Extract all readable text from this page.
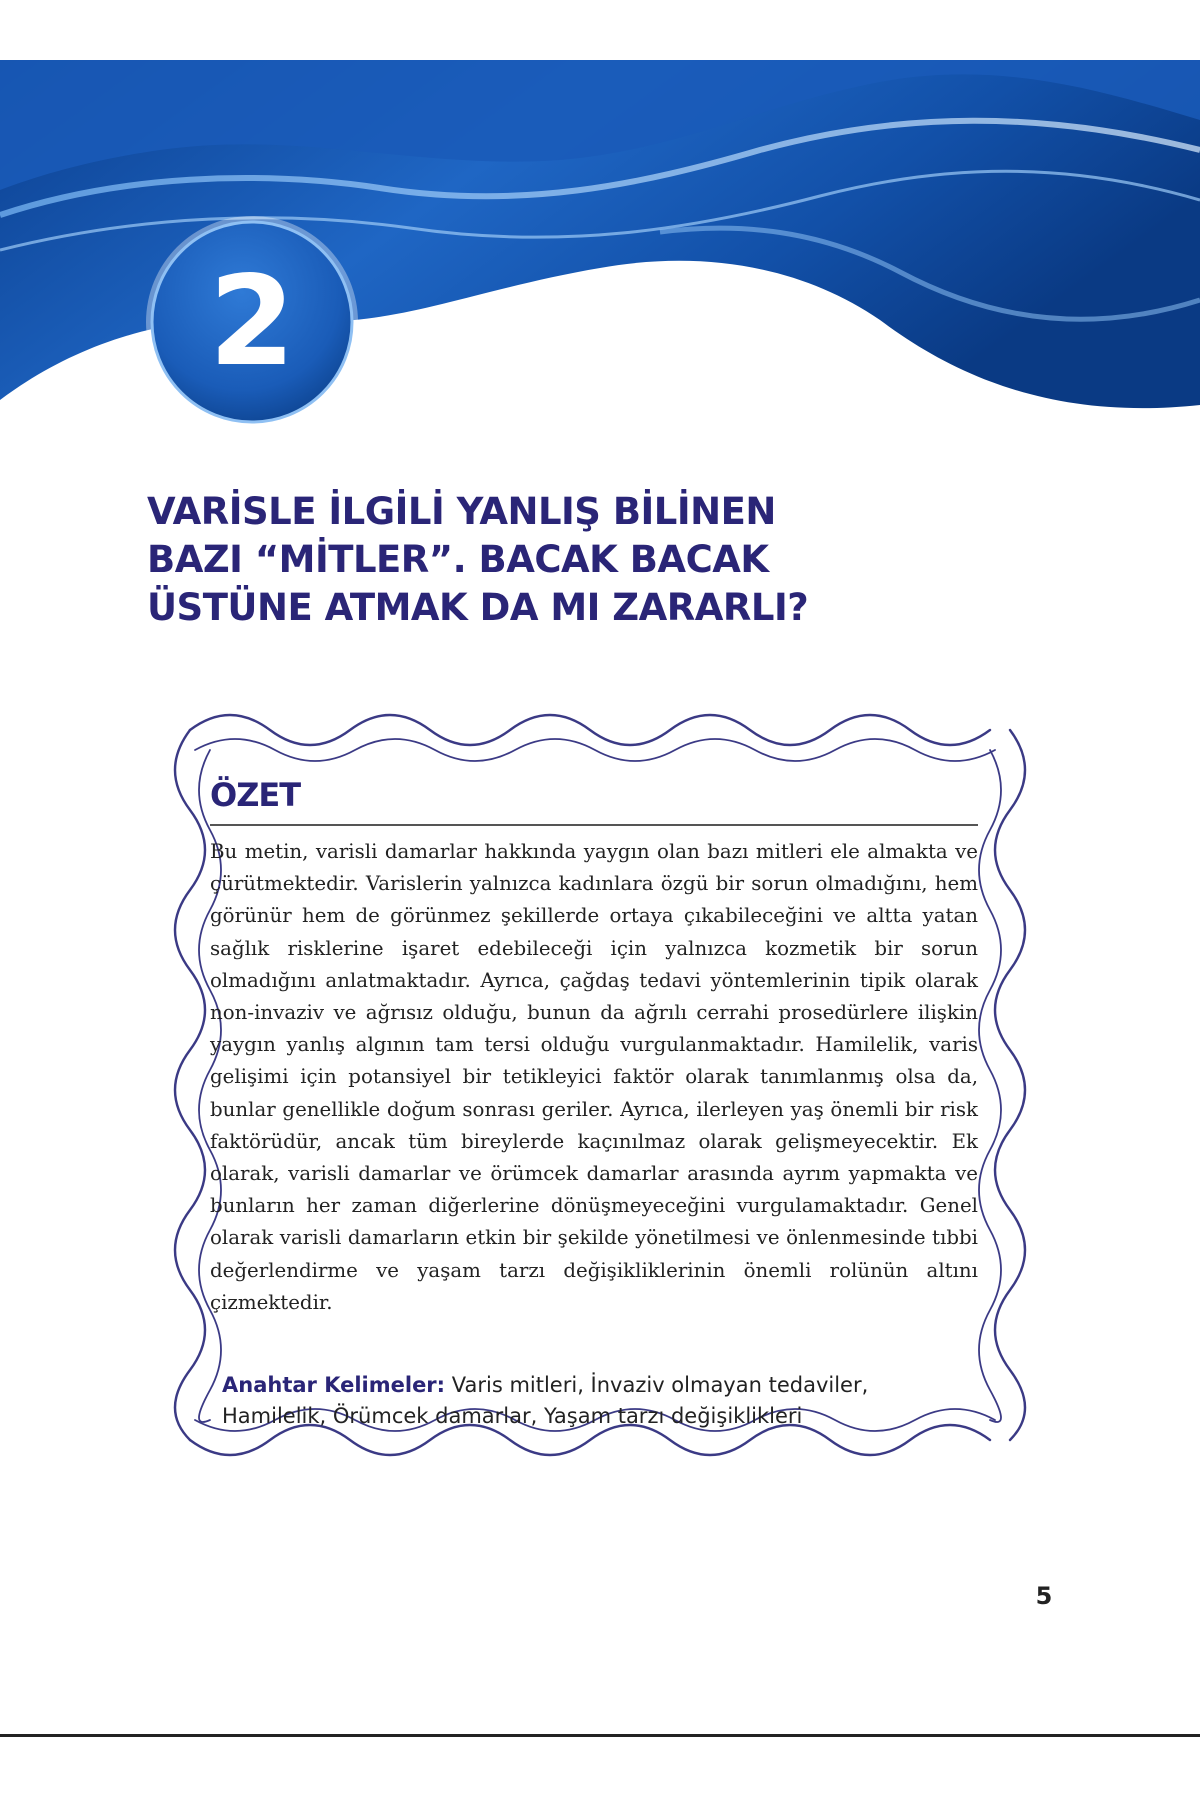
2
VARİSLE İLGİLİ YANLIŞ BİLİNEN
BAZI “MİTLER”. BACAK BACAK
ÜSTÜNE ATMAK DA MI ZARARLI?
ÖZET

Bu metin, varisli damarlar hakkında yaygın olan bazı mitleri ele almakta ve çürütmektedir. Varislerin yalnızca kadınlara özgü bir sorun olmadığını, hem görünür hem de görünmez şekillerde ortaya çıkabileceğini ve altta yatan sağlık risklerine işaret edebileceği için yalnızca kozmetik bir sorun olmadığını anlatmaktadır. Ayrıca, çağdaş tedavi yöntemlerinin tipik olarak non-invaziv ve ağrısız olduğu, bunun da ağrılı cerrahi prosedürlere ilişkin yaygın yanlış algının tam tersi olduğu vurgulanmaktadır. Hamilelik, varis gelişimi için potansiyel bir tetikleyici faktör olarak tanımlanmış olsa da, bunlar genellikle doğum sonrası geriler. Ayrıca, ilerleyen yaş önemli bir risk faktörüdür, ancak tüm bireylerde kaçınılmaz olarak gelişmeyecektir. Ek olarak, varisli damarlar ve örümcek damarlar arasında ayrım yapmakta ve bunların her zaman diğerlerine dönüşmeyeceğini vurgulamaktadır. Genel olarak varisli damarların etkin bir şekilde yönetilmesi ve önlenmesinde tıbbi değerlendirme ve yaşam tarzı değişikliklerinin önemli rolünün altını çizmektedir.

Anahtar Kelimeler: Varis mitleri, İnvaziv olmayan tedaviler, Hamilelik, Örümcek damarlar, Yaşam tarzı değişiklikleri

5
